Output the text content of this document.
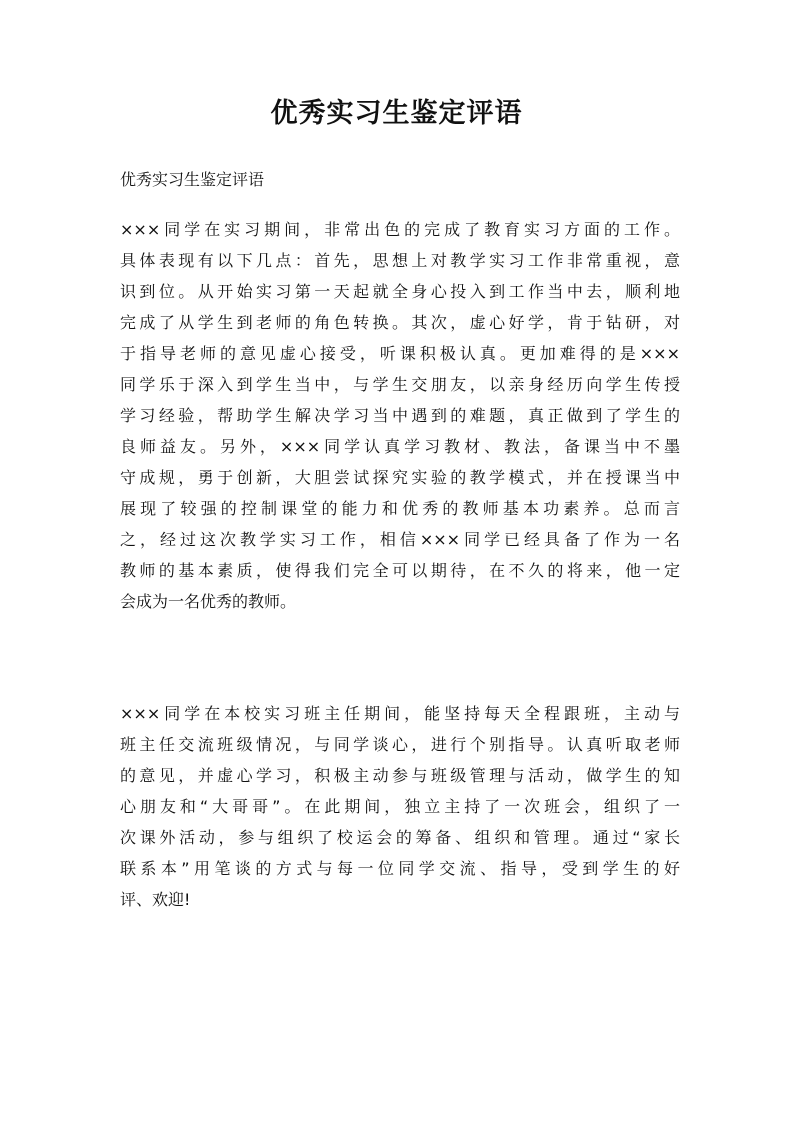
优秀实习生鉴定评语

优秀实习生鉴定评语

×××同学在实习期间，非常出色的完成了教育实习方面的工作。
具体表现有以下几点：首先，思想上对教学实习工作非常重视，意
识到位。从开始实习第一天起就全身心投入到工作当中去，顺利地
完成了从学生到老师的角色转换。其次，虚心好学，肯于钻研，对
于指导老师的意见虚心接受，听课积极认真。更加难得的是×××
同学乐于深入到学生当中，与学生交朋友，以亲身经历向学生传授
学习经验，帮助学生解决学习当中遇到的难题，真正做到了学生的
良师益友。另外，×××同学认真学习教材、教法，备课当中不墨
守成规，勇于创新，大胆尝试探究实验的教学模式，并在授课当中
展现了较强的控制课堂的能力和优秀的教师基本功素养。总而言
之，经过这次教学实习工作，相信×××同学已经具备了作为一名
教师的基本素质，使得我们完全可以期待，在不久的将来，他一定
会成为一名优秀的教师。
×××同学在本校实习班主任期间，能坚持每天全程跟班，主动与
班主任交流班级情况，与同学谈心，进行个别指导。认真听取老师
的意见，并虚心学习，积极主动参与班级管理与活动，做学生的知
心朋友和“大哥哥”。在此期间，独立主持了一次班会，组织了一
次课外活动，参与组织了校运会的筹备、组织和管理。通过“家长
联系本”用笔谈的方式与每一位同学交流、指导，受到学生的好
评、欢迎!
